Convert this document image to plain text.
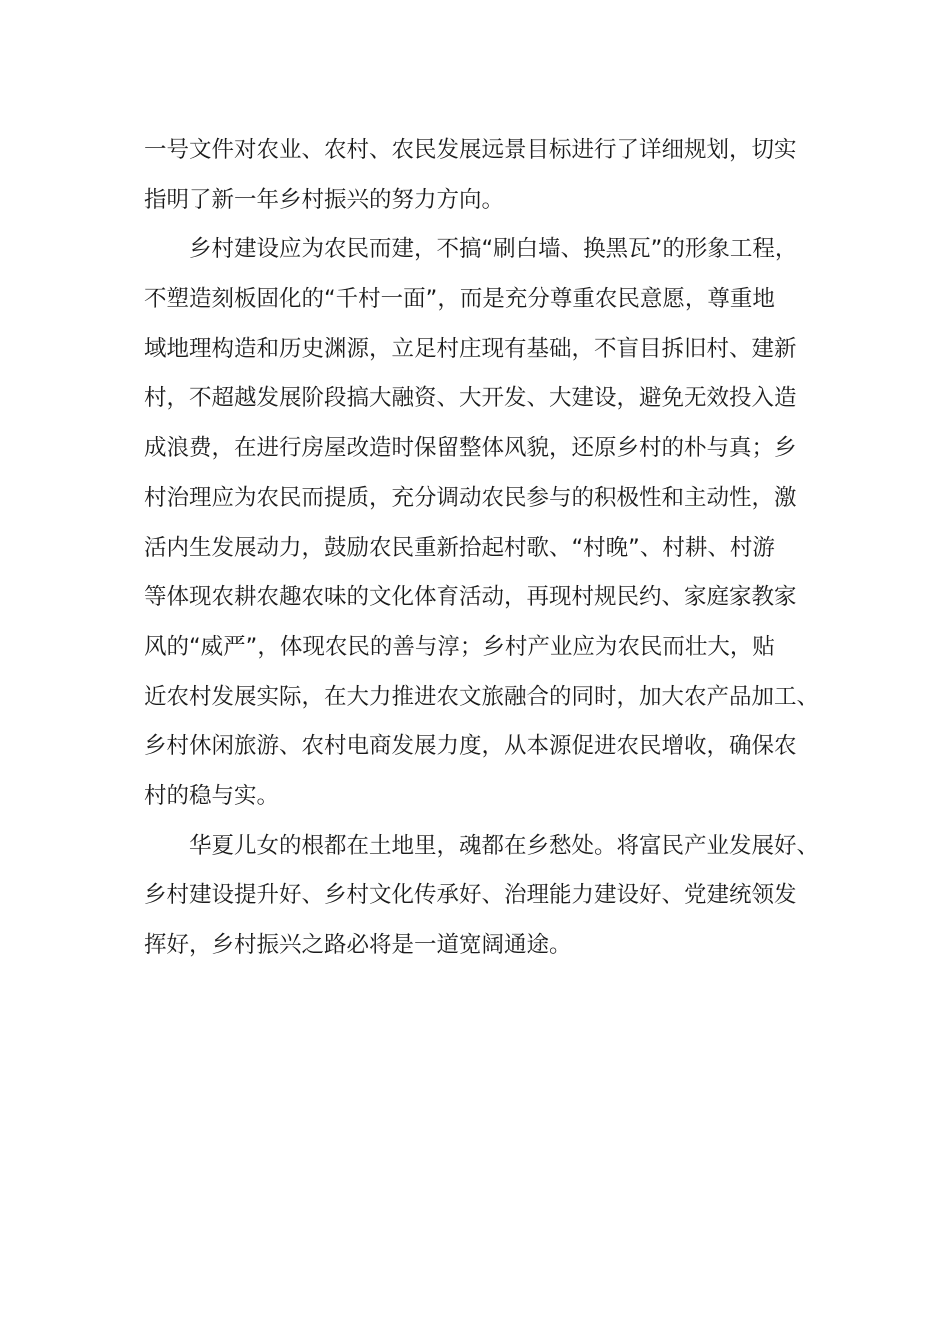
一号文件对农业、农村、农民发展远景目标进行了详细规划，切实
指明了新一年乡村振兴的努力方向。
乡村建设应为农民而建，不搞“刷白墙、换黑瓦”的形象工程，
不塑造刻板固化的“千村一面”，而是充分尊重农民意愿，尊重地
域地理构造和历史渊源，立足村庄现有基础，不盲目拆旧村、建新
村，不超越发展阶段搞大融资、大开发、大建设，避免无效投入造
成浪费，在进行房屋改造时保留整体风貌，还原乡村的朴与真；乡
村治理应为农民而提质，充分调动农民参与的积极性和主动性，激
活内生发展动力，鼓励农民重新拾起村歌、“村晚”、村耕、村游
等体现农耕农趣农味的文化体育活动，再现村规民约、家庭家教家
风的“威严”，体现农民的善与淳；乡村产业应为农民而壮大，贴
近农村发展实际，在大力推进农文旅融合的同时，加大农产品加工、
乡村休闲旅游、农村电商发展力度，从本源促进农民增收，确保农
村的稳与实。
华夏儿女的根都在土地里，魂都在乡愁处。将富民产业发展好、
乡村建设提升好、乡村文化传承好、治理能力建设好、党建统领发
挥好，乡村振兴之路必将是一道宽阔通途。
